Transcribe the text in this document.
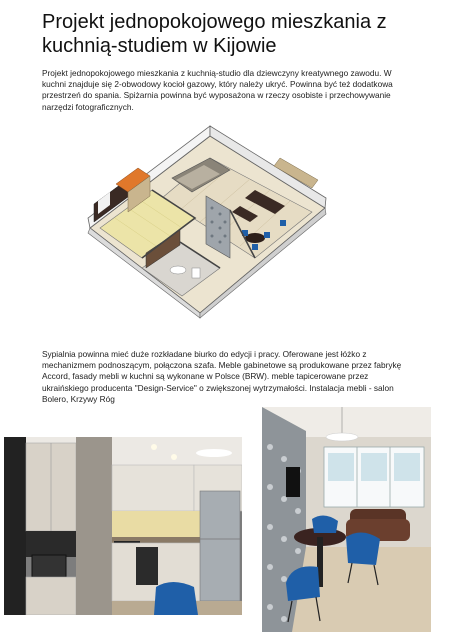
Projekt jednopokojowego mieszkania z kuchnią-studiem w Kijowie

Projekt jednopokojowego mieszkania z kuchnią-studio dla dziewczyny kreatywnego zawodu. W kuchni znajduje się 2-obwodowy kocioł gazowy, który należy ukryć. Powinna być też dodatkowa przestrzeń do spania. Spiżarnia powinna być wyposażona w rzeczy osobiste i przechowywanie narzędzi fotograficznych.

Sypialnia powinna mieć duże rozkładane biurko do edycji i pracy. Oferowane jest łóżko z mechanizmem podnoszącym, połączona szafa. Meble gabinetowe są produkowane przez fabrykę Accord, fasady mebli w kuchni są wykonane w Polsce (BRW). meble tapicerowane przez ukraińskiego producenta "Design-Service" o zwiększonej wytrzymałości. Instalacja mebli - salon Bolero, Krzywy Róg
